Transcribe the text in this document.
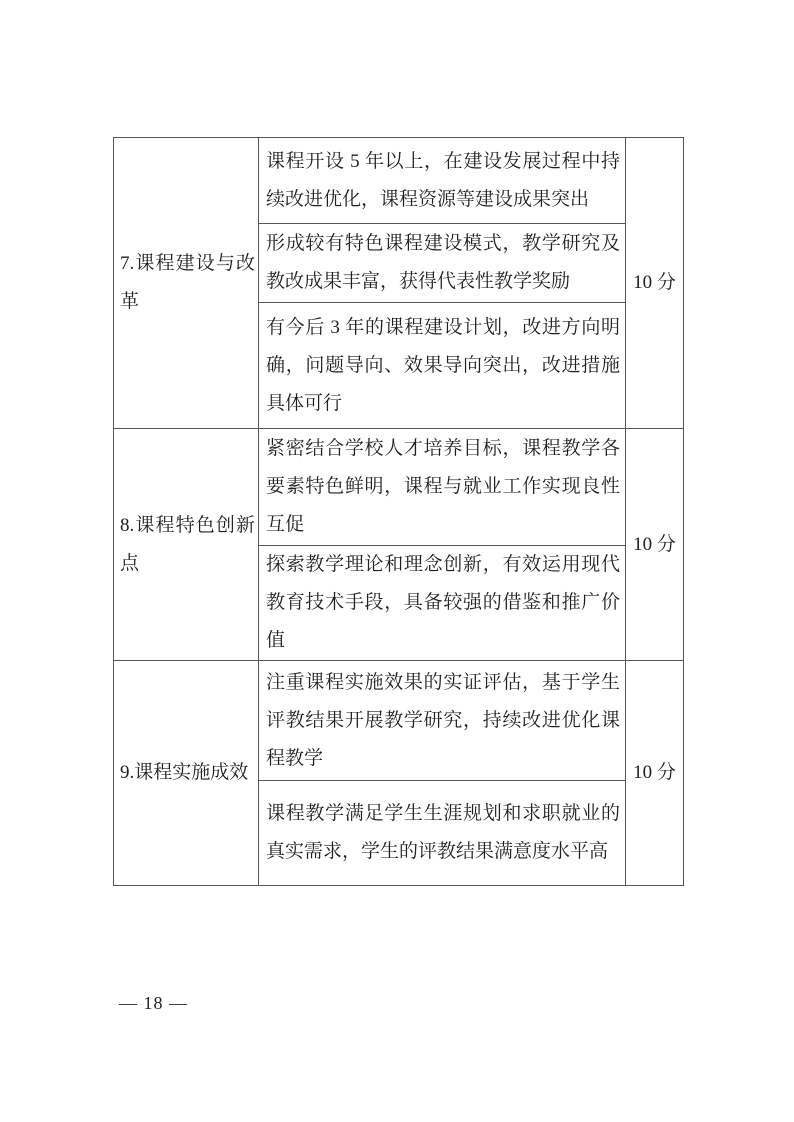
7.课程建设与改革	课程开设 5 年以上，在建设发展过程中持续改进优化，课程资源等建设成果突出	10 分
	形成较有特色课程建设模式，教学研究及教改成果丰富，获得代表性教学奖励	
	有今后 3 年的课程建设计划，改进方向明确，问题导向、效果导向突出，改进措施具体可行	
8.课程特色创新点	紧密结合学校人才培养目标，课程教学各要素特色鲜明，课程与就业工作实现良性互促	10 分
	探索教学理论和理念创新，有效运用现代教育技术手段，具备较强的借鉴和推广价值	
9.课程实施成效	注重课程实施效果的实证评估，基于学生评教结果开展教学研究，持续改进优化课程教学	10 分
	课程教学满足学生生涯规划和求职就业的真实需求，学生的评教结果满意度水平高	
— 18 —
